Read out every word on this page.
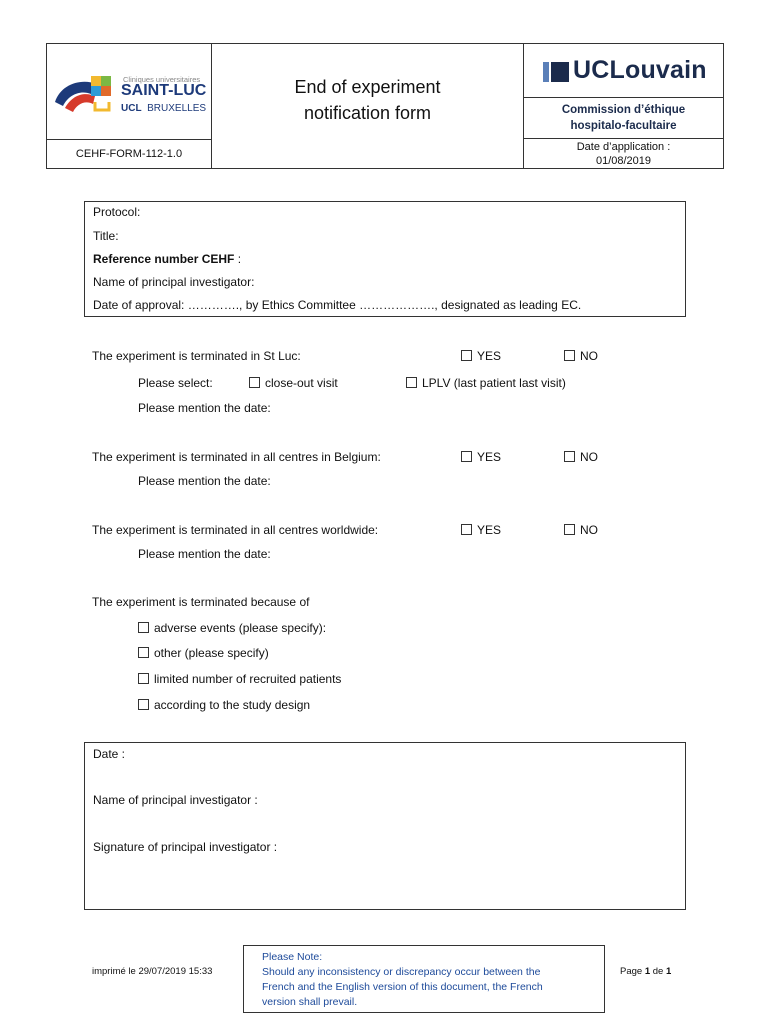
Cliniques universitaires
SAINT-LUC
UCL BRUXELLES
End of experiment
notification form
CEHF-FORM-112-1.0
UCLouvain
Commission d’éthique
hospitalo-facultaire
Date d’application :
01/08/2019
Protocol:
Title:
Reference number CEHF :
Name of principal investigator:
Date of approval: …………., by Ethics Committee ………………., designated as leading EC.
The experiment is terminated in St Luc:	YES	NO
Please select:	close-out visit	LPLV (last patient last visit)
Please mention the date:
The experiment is terminated in all centres in Belgium:	YES	NO
Please mention the date:
The experiment is terminated in all centres worldwide:	YES	NO
Please mention the date:
The experiment is terminated because of
adverse events (please specify):
other (please specify)
limited number of recruited patients
according to the study design
Date :
Name of principal investigator :
Signature of principal investigator :
imprimé le 29/07/2019 15:33
Please Note:
Should any inconsistency or discrepancy occur between the
French and the English version of this document, the French
version shall prevail.
Page 1 de 1
